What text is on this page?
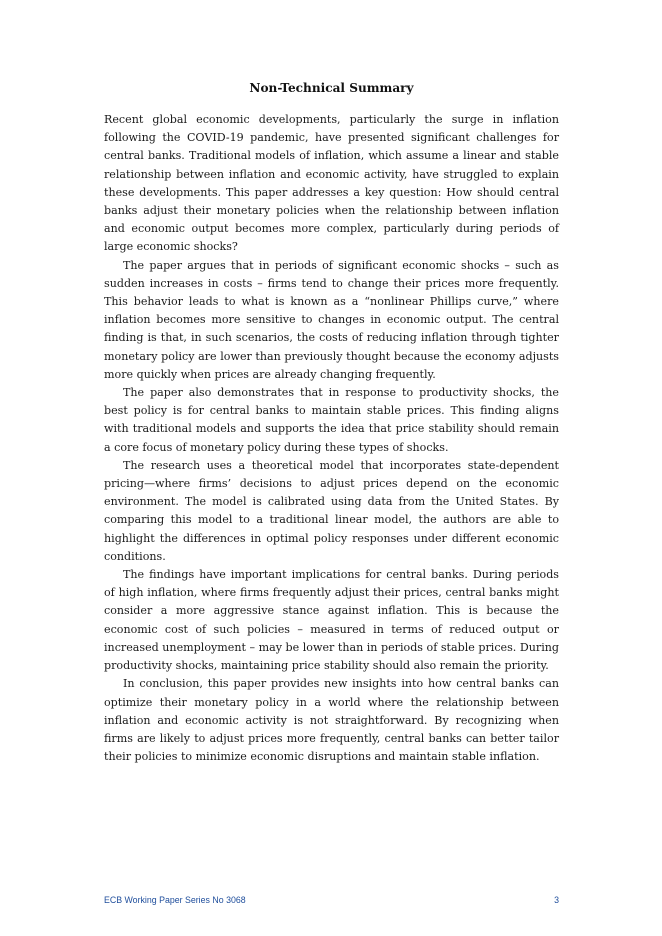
Non-Technical Summary

Recent global economic developments, particularly the surge in inflation following the COVID-19 pandemic, have presented significant challenges for central banks. Traditional models of inflation, which assume a linear and stable relationship between inflation and economic activity, have struggled to explain these developments. This paper addresses a key question: How should central banks adjust their monetary policies when the relationship between inflation and economic output becomes more complex, particularly during periods of large economic shocks?

The paper argues that in periods of significant economic shocks – such as sudden increases in costs – firms tend to change their prices more frequently. This behavior leads to what is known as a “nonlinear Phillips curve,” where inflation becomes more sensitive to changes in economic output. The central finding is that, in such scenarios, the costs of reducing inflation through tighter monetary policy are lower than previously thought because the economy adjusts more quickly when prices are already changing frequently.

The paper also demonstrates that in response to productivity shocks, the best policy is for central banks to maintain stable prices. This finding aligns with traditional models and supports the idea that price stability should remain a core focus of monetary policy during these types of shocks.

The research uses a theoretical model that incorporates state-dependent pricing—where firms’ decisions to adjust prices depend on the economic environment. The model is calibrated using data from the United States. By comparing this model to a traditional linear model, the authors are able to highlight the differences in optimal policy responses under different economic conditions.

The findings have important implications for central banks. During periods of high inflation, where firms frequently adjust their prices, central banks might consider a more aggressive stance against inflation. This is because the economic cost of such policies – measured in terms of reduced output or increased unemployment – may be lower than in periods of stable prices. During productivity shocks, maintaining price stability should also remain the priority.

In conclusion, this paper provides new insights into how central banks can optimize their monetary policy in a world where the relationship between inflation and economic activity is not straightforward. By recognizing when firms are likely to adjust prices more frequently, central banks can better tailor their policies to minimize economic disruptions and maintain stable inflation.

ECB Working Paper Series No 3068	3
